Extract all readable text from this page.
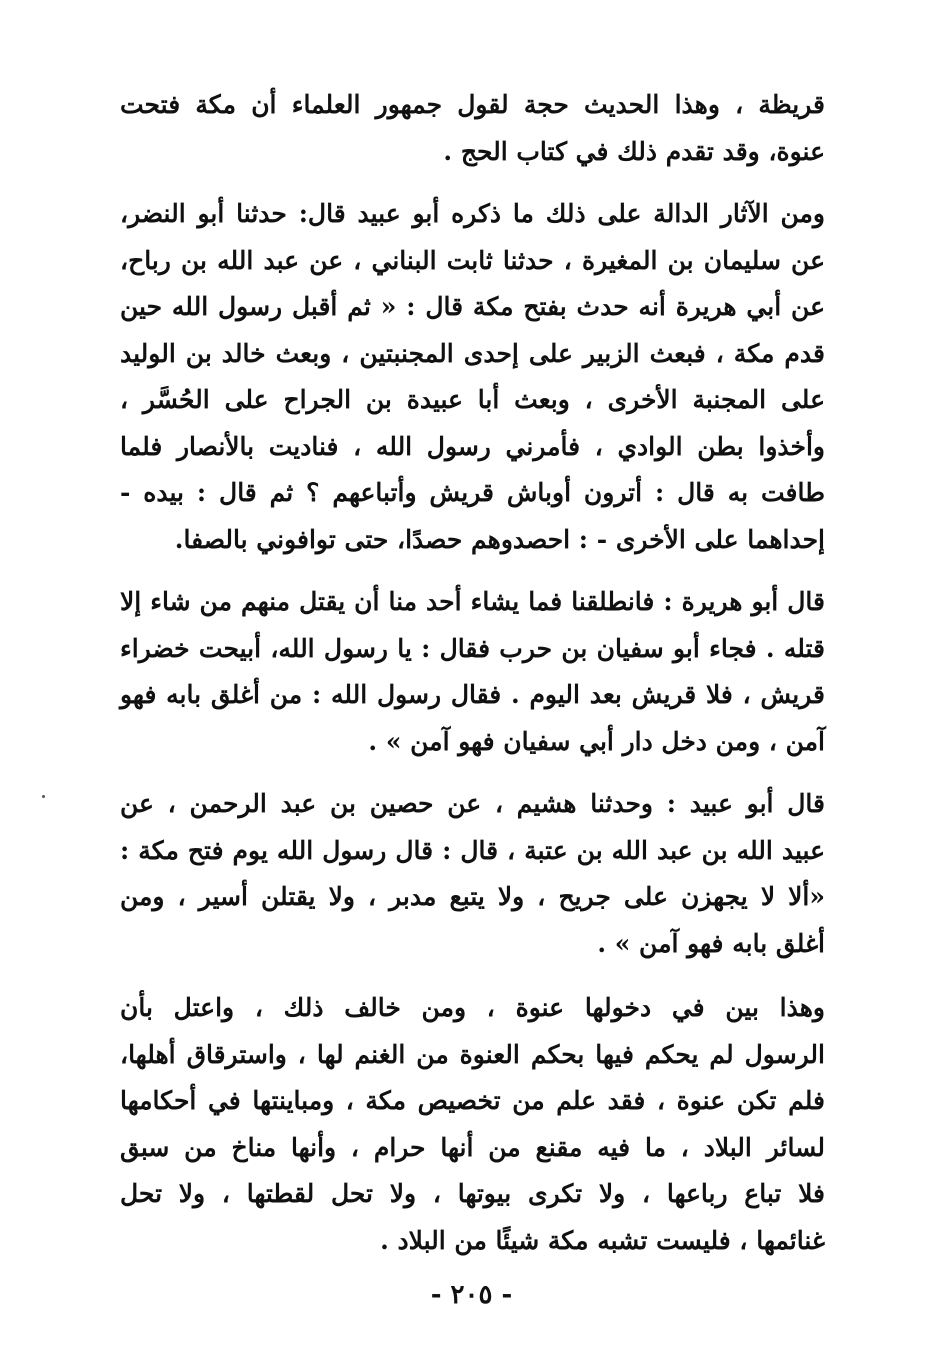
قريظة ، وهذا الحديث حجة لقول جمهور العلماء أن مكة فتحت
عنوة، وقد تقدم ذلك في كتاب الحج .

ومن الآثار الدالة على ذلك ما ذكره أبو عبيد قال: حدثنا أبو النضر،
عن سليمان بن المغيرة ، حدثنا ثابت البناني ، عن عبد الله بن رباح،
عن أبي هريرة أنه حدث بفتح مكة قال : « ثم أقبل رسول الله حين
قدم مكة ، فبعث الزبير على إحدى المجنبتين ، وبعث خالد بن الوليد
على المجنبة الأخرى ، وبعث أبا عبيدة بن الجراح على الحُسَّر ،
وأخذوا بطن الوادي ، فأمرني رسول الله ، فناديت بالأنصار فلما
طافت به قال : أترون أوباش قريش وأتباعهم ؟ ثم قال : بيده -
إحداهما على الأخرى - : احصدوهم حصدًا، حتى توافوني بالصفا.

قال أبو هريرة : فانطلقنا فما يشاء أحد منا أن يقتل منهم من شاء إلا
قتله . فجاء أبو سفيان بن حرب فقال : يا رسول الله، أبيحت خضراء
قريش ، فلا قريش بعد اليوم . فقال رسول الله : من أغلق بابه فهو
آمن ، ومن دخل دار أبي سفيان فهو آمن » .

قال أبو عبيد : وحدثنا هشيم ، عن حصين بن عبد الرحمن ، عن
عبيد الله بن عبد الله بن عتبة ، قال : قال رسول الله يوم فتح مكة :
«ألا لا يجهزن على جريح ، ولا يتبع مدبر ، ولا يقتلن أسير ، ومن
أغلق بابه فهو آمن » .

وهذا بين في دخولها عنوة ، ومن خالف ذلك ، واعتل بأن
الرسول لم يحكم فيها بحكم العنوة من الغنم لها ، واسترقاق أهلها،
فلم تكن عنوة ، فقد علم من تخصيص مكة ، ومباينتها في أحكامها
لسائر البلاد ، ما فيه مقنع من أنها حرام ، وأنها مناخ من سبق
فلا تباع رباعها ، ولا تكرى بيوتها ، ولا تحل لقطتها ، ولا تحل
غنائمها ، فليست تشبه مكة شيئًا من البلاد .

- ٢٠٥ -
